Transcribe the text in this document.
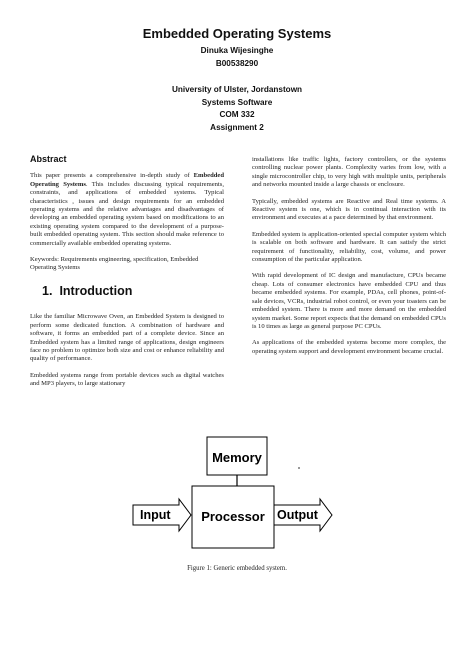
Embedded Operating Systems
Dinuka Wijesinghe
B00538290
University of Ulster, Jordanstown
Systems Software
COM 332
Assignment 2
Abstract

This paper presents a comprehensive in-depth study of Embedded Operating Systems. This includes discussing typical requirements, constraints, and applications of embedded systems. Typical characteristics , issues and design requirements for an embedded operating systems and the relative advantages and disadvantages of developing an embedded operating system based on modifications to an existing operating system compared to the development of a purpose-built embedded operating system. This section should make reference to commercially available embedded operating systems.

Keywords: Requirements engineering, specification, Embedded Operating Systems

1. Introduction

Like the familiar Microwave Oven, an Embedded System is designed to perform some dedicated function. A combination of hardware and software, it forms an embedded part of a complete device. Since an Embedded system has a limited range of applications, design engineers face no problem to optimize both size and cost or enhance reliability and quality of performance.

Embedded systems range from portable devices such as digital watches and MP3 players, to large stationary

installations like traffic lights, factory controllers, or the systems controlling nuclear power plants. Complexity varies from low, with a single microcontroller chip, to very high with multiple units, peripherals and networks mounted inside a large chassis or enclosure.

Typically, embedded systems are Reactive and Real time systems. A Reactive system is one, which is in continual interaction with its environment and executes at a pace determined by that environment.

Embedded system is application-oriented special computer system which is scalable on both software and hardware. It can satisfy the strict requirement of functionality, reliability, cost, volume, and power consumption of the particular application.

With rapid development of IC design and manufacture, CPUs became cheap. Lots of consumer electronics have embedded CPU and thus became embedded systems. For example, PDAs, cell phones, point-of-sale devices, VCRs, industrial robot control, or even your toasters can be embedded system. There is more and more demand on the embedded system market. Some report expects that the demand on embedded CPUs is 10 times as large as general purpose PC CPUs.

As applications of the embedded systems become more complex, the operating system support and development environment became crucial.

Memory
Processor
Input	Output
Figure 1: Generic embedded system.
